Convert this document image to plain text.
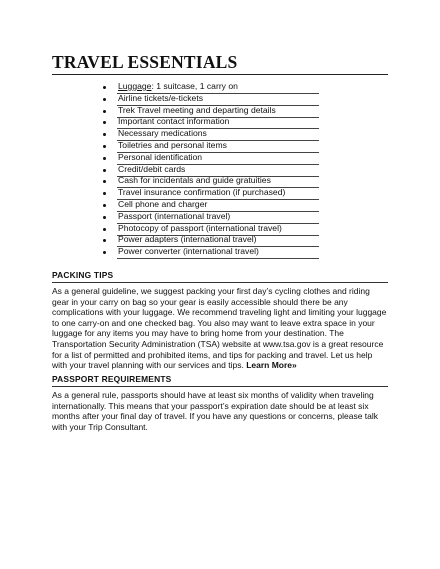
TRAVEL ESSENTIALS
Luggage: 1 suitcase, 1 carry on
Airline tickets/e-tickets
Trek Travel meeting and departing details
Important contact information
Necessary medications
Toiletries and personal items
Personal identification
Credit/debit cards
Cash for incidentals and guide gratuities
Travel insurance confirmation (if purchased)
Cell phone and charger
Passport (international travel)
Photocopy of passport (international travel)
Power adapters (international travel)
Power converter (international travel)
PACKING TIPS

As a general guideline, we suggest packing your first day’s cycling clothes and riding gear in your carry on bag so your gear is easily accessible should there be any complications with your luggage. We recommend traveling light and limiting your luggage to one carry-on and one checked bag. You also may want to leave extra space in your luggage for any items you may have to bring home from your destination. The Transportation Security Administration (TSA) website at www.tsa.gov is a great resource for a list of permitted and prohibited items, and tips for packing and travel. Let us help with your travel planning with our services and tips. Learn More»

PASSPORT REQUIREMENTS

As a general rule, passports should have at least six months of validity when traveling internationally. This means that your passport’s expiration date should be at least six months after your final day of travel. If you have any questions or concerns, please talk with your Trip Consultant.
